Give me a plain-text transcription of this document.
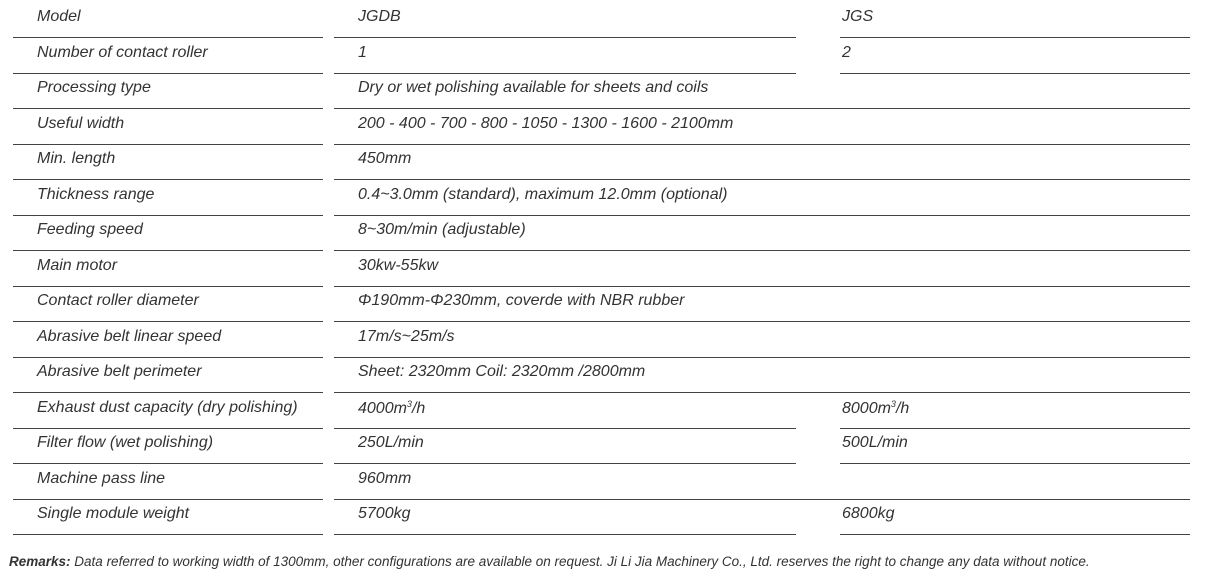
Model	JGDB	JGS
Number of contact roller	1	2
Processing type	Dry or wet polishing available for sheets and coils
Useful width	200 - 400 - 700 - 800 - 1050 - 1300 - 1600 - 2100mm
Min. length	450mm
Thickness range	0.4~3.0mm (standard), maximum 12.0mm (optional)
Feeding speed	8~30m/min (adjustable)
Main motor	30kw-55kw
Contact roller diameter	Φ190mm-Φ230mm, coverde with NBR rubber
Abrasive belt linear speed	17m/s~25m/s
Abrasive belt perimeter	Sheet: 2320mm Coil: 2320mm /2800mm
Exhaust dust capacity (dry polishing)	$4000m^3/h$	$8000m^3/h$
Filter flow (wet polishing)	250L/min	500L/min
Machine pass line	960mm
Single module weight	5700kg	6800kg
Remarks: Data referred to working width of 1300mm, other configurations are available on request. Ji Li Jia Machinery Co., Ltd. reserves the right to change any data without notice.
